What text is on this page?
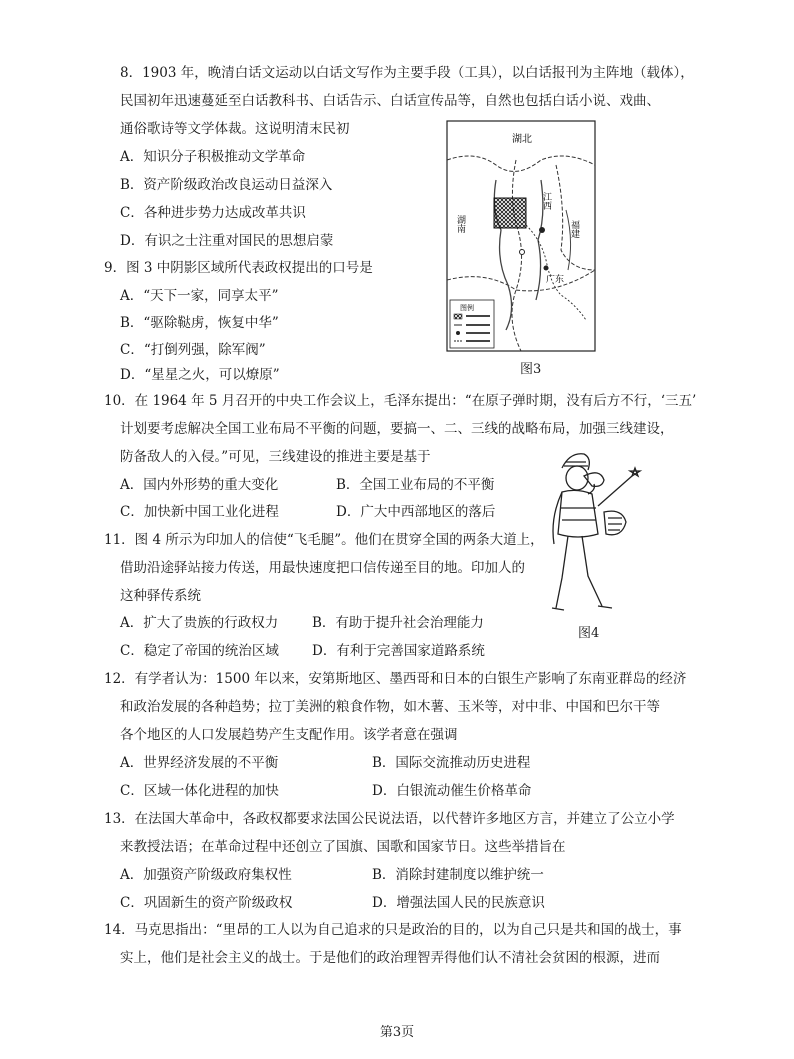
8．1903 年，晚清白话文运动以白话文写作为主要手段（工具），以白话报刊为主阵地（载体），
民国初年迅速蔓延至白话教科书、白话告示、白话宣传品等，自然也包括白话小说、戏曲、
通俗歌诗等文学体裁。这说明清末民初
A．知识分子积极推动文学革命
B．资产阶级政治改良运动日益深入
C．各种进步势力达成改革共识
D．有识之士注重对国民的思想启蒙
9．图 3 中阴影区域所代表政权提出的口号是
A．“天下一家，同享太平”
B．“驱除鞑虏，恢复中华”
C．“打倒列强，除军阀”
D．“星星之火，可以燎原”
湖北
湖南
江西
福建
广东
图例
图3
10．在 1964 年 5 月召开的中央工作会议上，毛泽东提出：“在原子弹时期，没有后方不行，‘三五’
计划要考虑解决全国工业布局不平衡的问题，要搞一、二、三线的战略布局，加强三线建设，
防备敌人的入侵。”可见，三线建设的推进主要是基于
A．国内外形势的重大变化	B．全国工业布局的不平衡
C．加快新中国工业化进程	D．广大中西部地区的落后
图4
11．图 4 所示为印加人的信使“飞毛腿”。他们在贯穿全国的两条大道上，
借助沿途驿站接力传送，用最快速度把口信传递至目的地。印加人的
这种驿传系统
A．扩大了贵族的行政权力	B．有助于提升社会治理能力
C．稳定了帝国的统治区域 D．有利于完善国家道路系统
12．有学者认为：1500 年以来，安第斯地区、墨西哥和日本的白银生产影响了东南亚群岛的经济
和政治发展的各种趋势；拉丁美洲的粮食作物，如木薯、玉米等，对中非、中国和巴尔干等
各个地区的人口发展趋势产生支配作用。该学者意在强调
A．世界经济发展的不平衡	B．国际交流推动历史进程
C．区域一体化进程的加快	D．白银流动催生价格革命
13．在法国大革命中，各政权都要求法国公民说法语，以代替许多地区方言，并建立了公立小学
来教授法语；在革命过程中还创立了国旗、国歌和国家节日。这些举措旨在
A．加强资产阶级政府集权性	B．消除封建制度以维护统一
C．巩固新生的资产阶级政权	D．增强法国人民的民族意识
14．马克思指出：“里昂的工人以为自己追求的只是政治的目的，以为自己只是共和国的战士，事
实上，他们是社会主义的战士。于是他们的政治理智弄得他们认不清社会贫困的根源，进而
第3页
